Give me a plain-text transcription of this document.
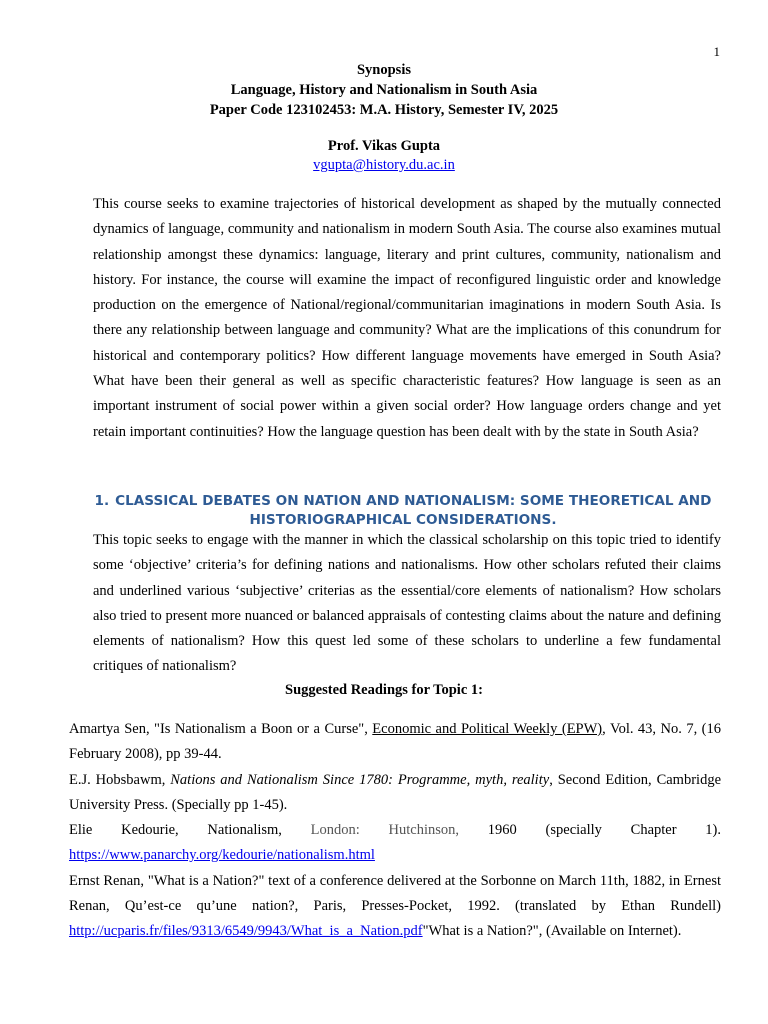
1
Synopsis
Language, History and Nationalism in South Asia
Paper Code 123102453: M.A. History, Semester IV, 2025
Prof. Vikas Gupta
vgupta@history.du.ac.in

This course seeks to examine trajectories of historical development as shaped by the mutually connected dynamics of language, community and nationalism in modern South Asia. The course also examines mutual relationship amongst these dynamics: language, literary and print cultures, community, nationalism and history. For instance, the course will examine the impact of reconfigured linguistic order and knowledge production on the emergence of National/regional/communitarian imaginations in modern South Asia. Is there any relationship between language and community? What are the implications of this conundrum for historical and contemporary politics? How different language movements have emerged in South Asia? What have been their general as well as specific characteristic features? How language is seen as an important instrument of social power within a given social order? How language orders change and yet retain important continuities? How the language question has been dealt with by the state in South Asia?

1. CLASSICAL DEBATES ON NATION AND NATIONALISM: SOME THEORETICAL AND HISTORIOGRAPHICAL CONSIDERATIONS.

This topic seeks to engage with the manner in which the classical scholarship on this topic tried to identify some ‘objective’ criteria’s for defining nations and nationalisms. How other scholars refuted their claims and underlined various ‘subjective’ criterias as the essential/core elements of nationalism? How scholars also tried to present more nuanced or balanced appraisals of contesting claims about the nature and defining elements of nationalism? How this quest led some of these scholars to underline a few fundamental critiques of nationalism?

Suggested Readings for Topic 1:

Amartya Sen, "Is Nationalism a Boon or a Curse", Economic and Political Weekly (EPW), Vol. 43, No. 7, (16 February 2008), pp 39-44.

E.J. Hobsbawm, Nations and Nationalism Since 1780: Programme, myth, reality, Second Edition, Cambridge University Press. (Specially pp 1-45).

Elie Kedourie, Nationalism, London: Hutchinson, 1960 (specially Chapter 1).

https://www.panarchy.org/kedourie/nationalism.html

Ernst Renan, "What is a Nation?" text of a conference delivered at the Sorbonne on March 11th, 1882, in Ernest Renan, Qu’est-ce qu’une nation?, Paris, Presses-Pocket, 1992. (translated by Ethan Rundell) http://ucparis.fr/files/9313/6549/9943/What_is_a_Nation.pdf"What is a Nation?", (Available on Internet).
